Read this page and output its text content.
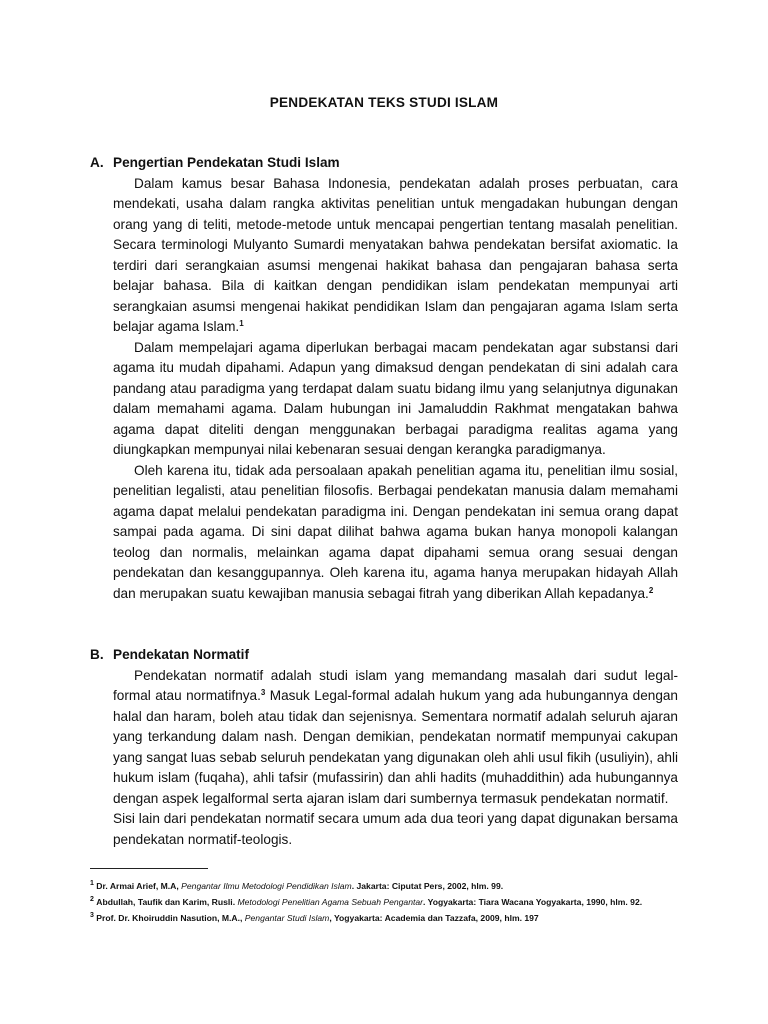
PENDEKATAN TEKS STUDI ISLAM
A. Pengertian Pendekatan Studi Islam

Dalam kamus besar Bahasa Indonesia, pendekatan adalah proses perbuatan, cara mendekati, usaha dalam rangka aktivitas penelitian untuk mengadakan hubungan dengan orang yang di teliti, metode-metode untuk mencapai pengertian tentang masalah penelitian. Secara terminologi Mulyanto Sumardi menyatakan bahwa pendekatan bersifat axiomatic. Ia terdiri dari serangkaian asumsi mengenai hakikat bahasa dan pengajaran bahasa serta belajar bahasa. Bila di kaitkan dengan pendidikan islam pendekatan mempunyai arti serangkaian asumsi mengenai hakikat pendidikan Islam dan pengajaran agama Islam serta belajar agama Islam.$^1$

Dalam mempelajari agama diperlukan berbagai macam pendekatan agar substansi dari agama itu mudah dipahami. Adapun yang dimaksud dengan pendekatan di sini adalah cara pandang atau paradigma yang terdapat dalam suatu bidang ilmu yang selanjutnya digunakan dalam memahami agama. Dalam hubungan ini Jamaluddin Rakhmat mengatakan bahwa agama dapat diteliti dengan menggunakan berbagai paradigma realitas agama yang diungkapkan mempunyai nilai kebenaran sesuai dengan kerangka paradigmanya.

Oleh karena itu, tidak ada persoalaan apakah penelitian agama itu, penelitian ilmu sosial, penelitian legalisti, atau penelitian filosofis. Berbagai pendekatan manusia dalam memahami agama dapat melalui pendekatan paradigma ini. Dengan pendekatan ini semua orang dapat sampai pada agama. Di sini dapat dilihat bahwa agama bukan hanya monopoli kalangan teolog dan normalis, melainkan agama dapat dipahami semua orang sesuai dengan pendekatan dan kesanggupannya. Oleh karena itu, agama hanya merupakan hidayah Allah dan merupakan suatu kewajiban manusia sebagai fitrah yang diberikan Allah kepadanya.$^2$

B. Pendekatan Normatif

Pendekatan normatif adalah studi islam yang memandang masalah dari sudut legal-formal atau normatifnya.$^3$ Masuk Legal-formal adalah hukum yang ada hubungannya dengan halal dan haram, boleh atau tidak dan sejenisnya. Sementara normatif adalah seluruh ajaran yang terkandung dalam nash. Dengan demikian, pendekatan normatif mempunyai cakupan yang sangat luas sebab seluruh pendekatan yang digunakan oleh ahli usul fikih (usuliyin), ahli hukum islam (fuqaha), ahli tafsir (mufassirin) dan ahli hadits (muhaddithin) ada hubungannya dengan aspek legalformal serta ajaran islam dari sumbernya termasuk pendekatan normatif.

Sisi lain dari pendekatan normatif secara umum ada dua teori yang dapat digunakan bersama pendekatan normatif-teologis.

$^1$ Dr. Armai Arief, M.A, Pengantar Ilmu Metodologi Pendidikan Islam. Jakarta: Ciputat Pers, 2002, hlm. 99.
$^2$ Abdullah, Taufik dan Karim, Rusli. Metodologi Penelitian Agama Sebuah Pengantar. Yogyakarta: Tiara Wacana Yogyakarta, 1990, hlm. 92.
$^3$ Prof. Dr. Khoiruddin Nasution, M.A., Pengantar Studi Islam, Yogyakarta: Academia dan Tazzafa, 2009, hlm. 197
